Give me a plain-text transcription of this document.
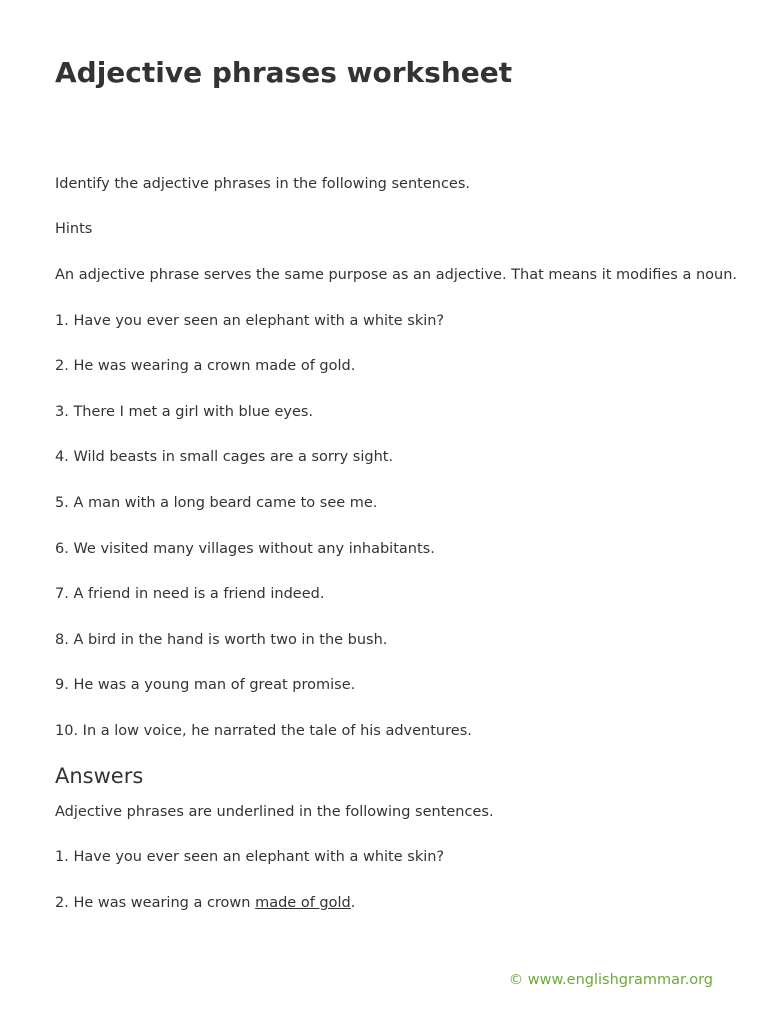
Adjective phrases worksheet
Identify the adjective phrases in the following sentences.
Hints
An adjective phrase serves the same purpose as an adjective. That means it modifies a noun.
1. Have you ever seen an elephant with a white skin?
2. He was wearing a crown made of gold.
3. There I met a girl with blue eyes.
4. Wild beasts in small cages are a sorry sight.
5. A man with a long beard came to see me.
6. We visited many villages without any inhabitants.
7. A friend in need is a friend indeed.
8. A bird in the hand is worth two in the bush.
9. He was a young man of great promise.
10. In a low voice, he narrated the tale of his adventures.
Answers
Adjective phrases are underlined in the following sentences.
1. Have you ever seen an elephant with a white skin?
2. He was wearing a crown made of gold.
© www.englishgrammar.org
